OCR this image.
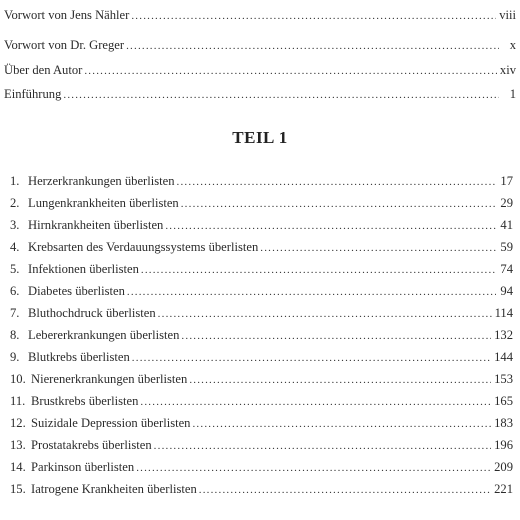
Vorwort von Jens Nähler .....	viii
Vorwort von Dr. Greger .....	x
Über den Autor .....	xiv
Einführung .....	1
TEIL 1
1. Herzerkrankungen überlisten .....	17
2. Lungenkrankheiten überlisten .....	29
3. Hirnkrankheiten überlisten .....	41
4. Krebsarten des Verdauungssystems überlisten .....	59
5. Infektionen überlisten .....	74
6. Diabetes überlisten .....	94
7. Bluthochdruck überlisten .....	114
8. Lebererkrankungen überlisten .....	132
9. Blutkrebs überlisten .....	144
10. Nierenerkrankungen überlisten .....	153
11. Brustkrebs überlisten .....	165
12. Suizidale Depression überlisten .....	183
13. Prostatakrebs überlisten .....	196
14. Parkinson überlisten .....	209
15. Iatrogene Krankheiten überlisten .....	221
